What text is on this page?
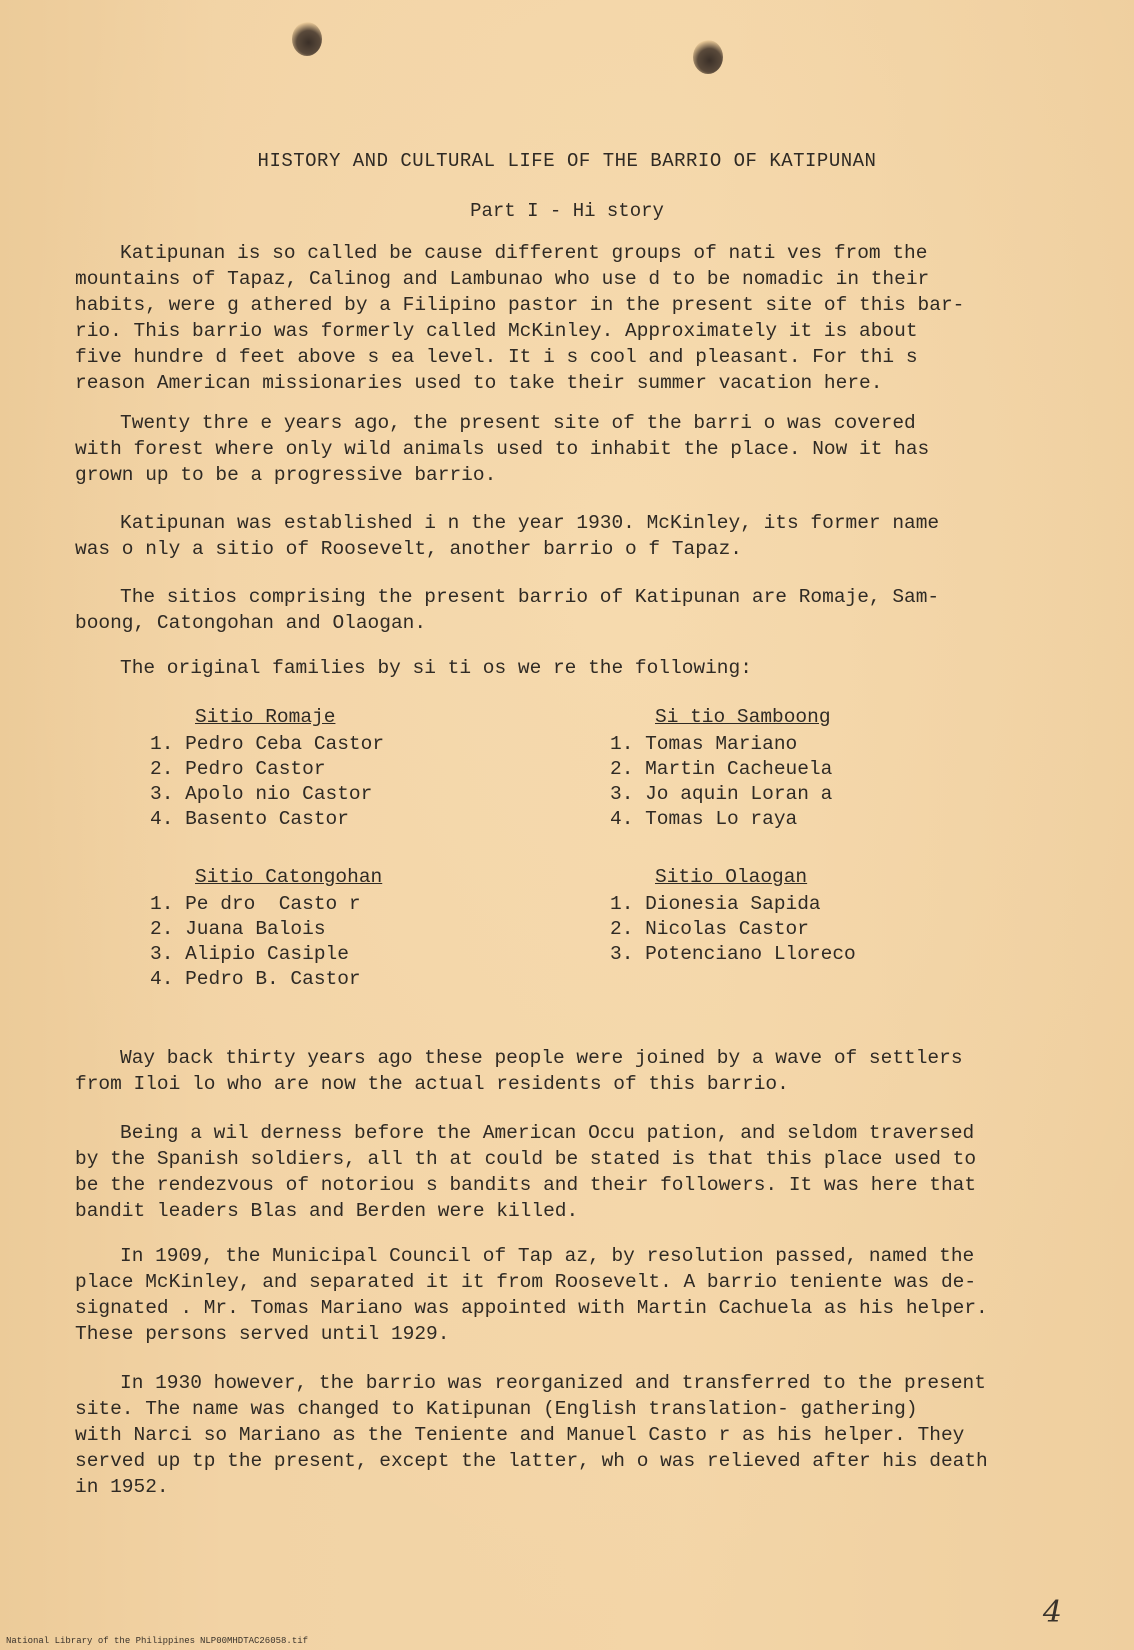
HISTORY AND CULTURAL LIFE OF THE BARRIO OF KATIPUNAN
Part I - Hi story
Katipunan is so called be cause different groups of nati ves from the
mountains of Tapaz, Calinog and Lambunao who use d to be nomadic in their
habits, were g athered by a Filipino pastor in the present site of this bar-
rio. This barrio was formerly called McKinley. Approximately it is about
five hundre d feet above s ea level. It i s cool and pleasant. For thi s
reason American missionaries used to take their summer vacation here.
Twenty thre e years ago, the present site of the barri o was covered
with forest where only wild animals used to inhabit the place. Now it has
grown up to be a progressive barrio.
Katipunan was established i n the year 1930. McKinley, its former name
was o nly a sitio of Roosevelt, another barrio o f Tapaz.
The sitios comprising the present barrio of Katipunan are Romaje, Sam-
boong, Catongohan and Olaogan.
The original families by si ti os we re the following:
Sitio Romaje
1. Pedro Ceba Castor
2. Pedro Castor
3. Apolo nio Castor
4. Basento Castor
Si tio Samboong
1. Tomas Mariano
2. Martin Cacheuela
3. Jo aquin Loran a
4. Tomas Lo raya
Sitio Catongohan
1. Pe dro  Casto r
2. Juana Balois
3. Alipio Casiple
4. Pedro B. Castor
Sitio Olaogan
1. Dionesia Sapida
2. Nicolas Castor
3. Potenciano Lloreco
Way back thirty years ago these people were joined by a wave of settlers
from Iloi lo who are now the actual residents of this barrio.
Being a wil derness before the American Occu pation, and seldom traversed
by the Spanish soldiers, all th at could be stated is that this place used to
be the rendezvous of notoriou s bandits and their followers. It was here that
bandit leaders Blas and Berden were killed.
In 1909, the Municipal Council of Tap az, by resolution passed, named the
place McKinley, and separated it it from Roosevelt. A barrio teniente was de-
signated . Mr. Tomas Mariano was appointed with Martin Cachuela as his helper.
These persons served until 1929.
In 1930 however, the barrio was reorganized and transferred to the present
site. The name was changed to Katipunan (English translation- gathering)
with Narci so Mariano as the Teniente and Manuel Casto r as his helper. They
served up tp the present, except the latter, wh o was relieved after his death
in 1952.
4
National Library of the Philippines NLP00MHDTAC26058.tif
